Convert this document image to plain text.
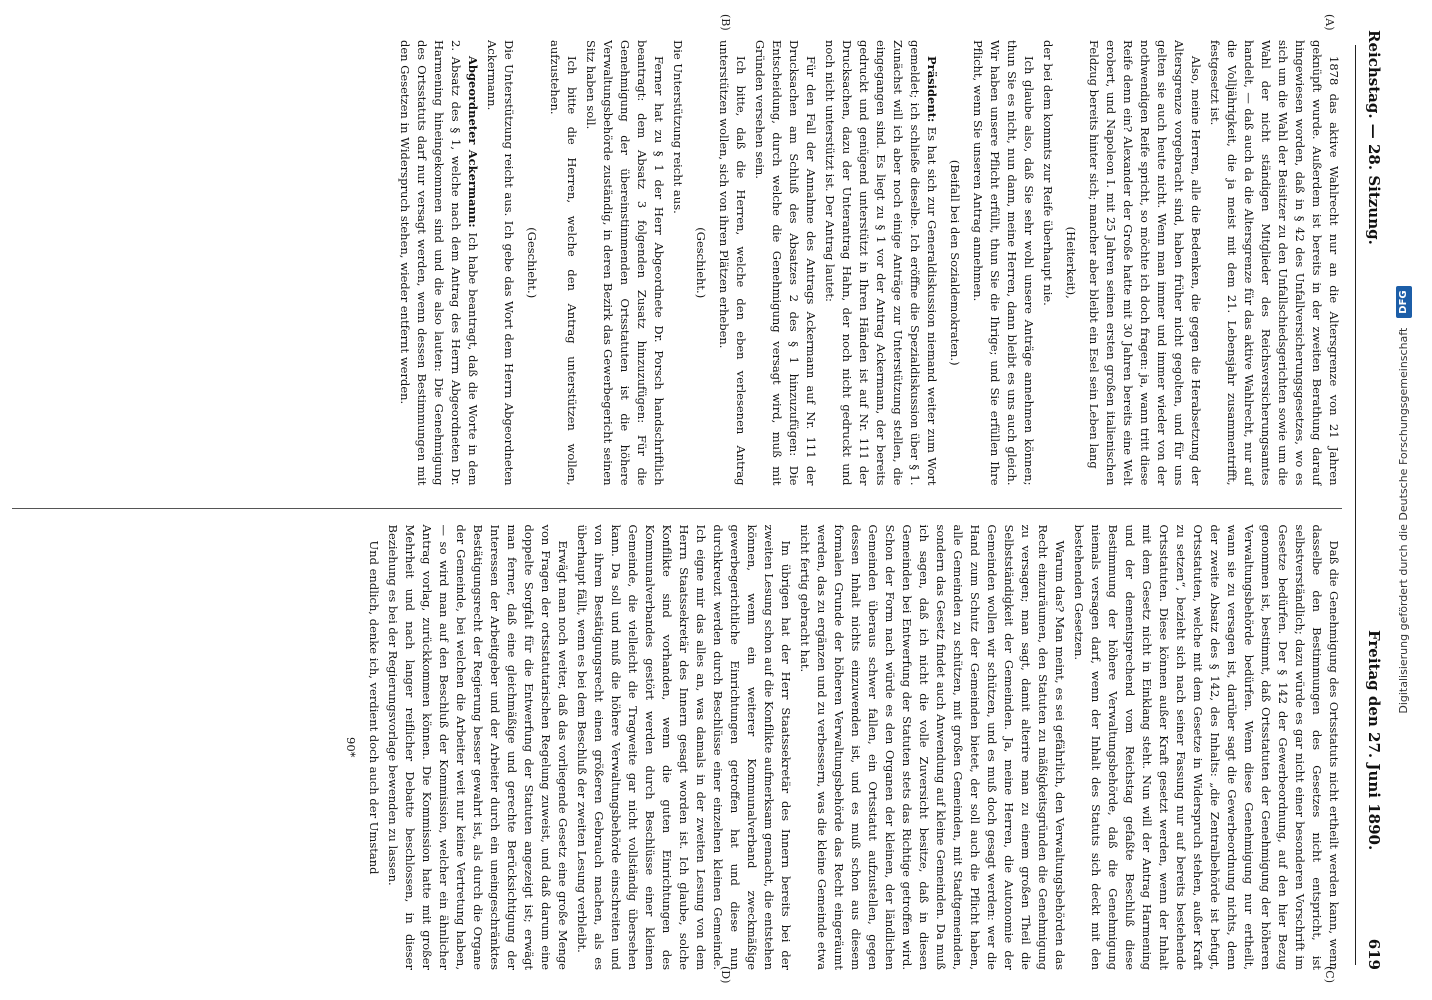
Digitalisierung gefördert durch die Deutsche Forschungsgemeinschaft
DFG
Reichstag. — 28. Sitzung.
Freitag den 27. Juni 1890.
619

1878 das aktive Wahlrecht nur an die Altersgrenze von 21 Jahren geknüpft wurde. Außerdem ist bereits in der zweiten Berathung darauf hingewiesen worden, daß in § 42 des Unfallversicherungsgesetzes, wo es sich um die Wahl der Beisitzer zu den Unfallschiedsgerichten sowie um die Wahl der nicht ständigen Mitglieder des Reichsversicherungsamtes handelt, — daß auch da die Altersgrenze für das aktive Wahlrecht, nur auf die Volljährigkeit, die ja meist mit dem 21. Lebensjahr zusammentrifft, festgesetzt ist.

Also, meine Herren, alle die Bedenken, die gegen die Herabsetzung der Altersgrenze vorgebracht sind, haben früher nicht gegolten, und für uns gelten sie auch heute nicht. Wenn man immer und immer wieder von der nothwendigen Reife spricht, so möchte ich doch fragen: ja, wann tritt diese Reife denn ein? Alexander der Große hatte mit 30 Jahren bereits eine Welt erobert, und Napoleon I. mit 25 Jahren seinen ersten großen italienischen Feldzug bereits hinter sich; mancher aber bleibt ein Esel sein Leben lang

(Heiterkeit),

der bei dem kommts zur Reife überhaupt nie.

Ich glaube also, daß Sie sehr wohl unsere Anträge annehmen können; thun Sie es nicht, nun dann, meine Herren, dann bleibt es uns auch gleich. Wir haben unsere Pflicht erfüllt, thun Sie die Ihrige; und Sie erfüllen Ihre Pflicht, wenn Sie unseren Antrag annehmen.

(Beifall bei den Sozialdemokraten.)

Präsident: Es hat sich zur Generaldiskussion niemand weiter zum Wort gemeldet; ich schließe dieselbe. Ich eröffne die Spezialdiskussion über § 1. Zunächst will ich aber noch einige Anträge zur Unterstützung stellen, die eingegangen sind. Es liegt zu § 1 vor der Antrag Ackermann, der bereits gedruckt und genügend unterstützt in Ihren Händen ist auf Nr. 111 der Drucksachen, dazu der Unterantrag Hahn, der noch nicht gedruckt und noch nicht unterstützt ist. Der Antrag lautet:

Für den Fall der Annahme des Antrags Ackermann auf Nr. 111 der Drucksachen am Schluß des Absatzes 2 des § 1 hinzuzufügen: Die Entscheidung, durch welche die Genehmigung versagt wird, muß mit Gründen versehen sein.

Ich bitte, daß die Herren, welche den eben verlesenen Antrag unterstützen wollen, sich von ihren Plätzen erheben.

(Geschieht.)

Die Unterstützung reicht aus.

Ferner hat zu § 1 der Herr Abgeordnete Dr. Porsch handschriftlich beantragt: dem Absatz 3 folgenden Zusatz hinzuzufügen: Für die Genehmigung der übereinstimmenden Ortsstatuten ist die höhere Verwaltungsbehörde zuständig, in deren Bezirk das Gewerbegericht seinen Sitz haben soll.

Ich bitte die Herren, welche den Antrag unterstützen wollen, aufzustehen.

(Geschieht.)

Die Unterstützung reicht aus. Ich gebe das Wort dem Herrn Abgeordneten Ackermann.

Abgeordneter Ackermann: Ich habe beantragt, daß die Worte in dem 2. Absatz des § 1, welche nach dem Antrag des Herrn Abgeordneten Dr. Harmening hineingekommen sind und die also lauten: Die Genehmigung des Ortsstatuts darf nur versagt werden, wenn dessen Bestimmungen mit den Gesetzen in Widerspruch stehen, wieder entfernt werden.

Daß die Genehmigung des Ortsstatuts nicht ertheilt werden kann, wenn dasselbe den Bestimmungen des Gesetzes nicht entspricht, ist selbstverständlich; dazu würde es gar nicht einer besonderen Vorschrift im Gesetze bedürfen. Der § 142 der Gewerbeordnung, auf den hier Bezug genommen ist, bestimmt, daß Ortsstatuten der Genehmigung der höheren Verwaltungsbehörde bedürfen. Wenn diese Genehmigung nur ertheilt, wann sie zu versagen ist, darüber sagt die Gewerbeordnung nichts, denn der zweite Absatz des § 142, des Inhalts: „die Zentralbehörde ist befugt, Ortsstatuten, welche mit dem Gesetze in Widerspruch stehen, außer Kraft zu setzen“, bezieht sich nach seiner Fassung nur auf bereits bestehende Ortsstatuten. Diese können außer Kraft gesetzt werden, wenn der Inhalt mit dem Gesetz nicht in Einklang steht. Nun will der Antrag Harmening und der dementsprechend vom Reichstag gefaßte Beschluß diese Bestimmung der höhere Verwaltungsbehörde, daß die Genehmigung niemals versagen darf, wenn der Inhalt des Statuts sich deckt mit den bestehenden Gesetzen.

Warum das? Man meint, es sei gefährlich, den Verwaltungsbehörden das Recht einzuräumen, den Statuten zu mäßigkeitsgründen die Genehmigung zu versagen; man sagt, damit alterire man zu einem großen Theil die Selbstständigkeit der Gemeinden. Ja, meine Herren, die Autonomie der Gemeinden wollen wir schützen, und es muß doch gesagt werden: wer die Hand zum Schutz der Gemeinden bietet, der soll auch die Pflicht haben, alle Gemeinden zu schützen, mit großen Gemeinden, mit Stadtgemeinden, sondern das Gesetz findet auch Anwendung auf kleine Gemeinden. Da muß ich sagen, daß ich nicht die volle Zuversicht besitze, daß in diesen Gemeinden bei Entwerfung der Statuten stets das Richtige getroffen wird. Schon der Form nach würde es den Organen der kleinen, der ländlichen Gemeinden überaus schwer fallen, ein Ortsstatut aufzustellen, gegen dessen Inhalt nichts einzuwenden ist, und es muß schon aus diesem formalen Grunde der höheren Verwaltungsbehörde das Recht eingeräumt werden, das zu ergänzen und zu verbessern, was die kleine Gemeinde etwa nicht fertig gebracht hat.

Im übrigen hat der Herr Staatssekretär des Innern bereits bei der zweiten Lesung schon auf die Konflikte aufmerksam gemacht, die entstehen können, wenn ein weiterer Kommunalverband zweckmäßige gewerbegerichtliche Einrichtungen getroffen hat und diese nun durchkreuzt werden durch Beschlüsse einer einzelnen kleinen Gemeinde. Ich eigne mir das alles an, was damals in der zweiten Lesung von dem Herrn Staatssekretär des Innern gesagt worden ist. Ich glaube, solche Konflikte sind vorhanden, wenn die guten Einrichtungen des Kommunalverbandes gestört werden durch Beschlüsse einer kleinen Gemeinde, die vielleicht die Tragweite gar nicht vollständig übersehen kann. Da soll und muß die höhere Verwaltungsbehörde einschreiten und von ihrem Bestätigungsrecht einen größeren Gebrauch machen, als es überhaupt fällt, wenn es bei dem Beschluß der zweiten Lesung verbleibt.

Erwägt man noch weiter, daß das vorliegende Gesetz eine große Menge von Fragen der ortsstatutarischen Regelung zuweist, und daß darum eine doppelte Sorgfalt für die Entwerfung der Statuten angezeigt ist; erwägt man ferner, daß eine gleichmäßige und gerechte Berücksichtigung der Interessen der Arbeitgeber und der Arbeiter durch ein uneingeschränktes Bestätigungsrecht der Regierung besser gewahrt ist, als durch die Organe der Gemeinde, bei welchen die Arbeiter weit nur keine Vertretung haben, — so wird man auf den Beschluß der Kommission, welcher ein ähnlicher Antrag vorlag, zurückkommen können. Die Kommission hatte mit großer Mehrheit und nach langer reiflicher Debatte beschlossen, in dieser Beziehung es bei der Regierungsvorlage bewenden zu lassen.

Und endlich, denke ich, verdient doch auch der Umstand

90*

(A)
(B)
(C)
(D)
